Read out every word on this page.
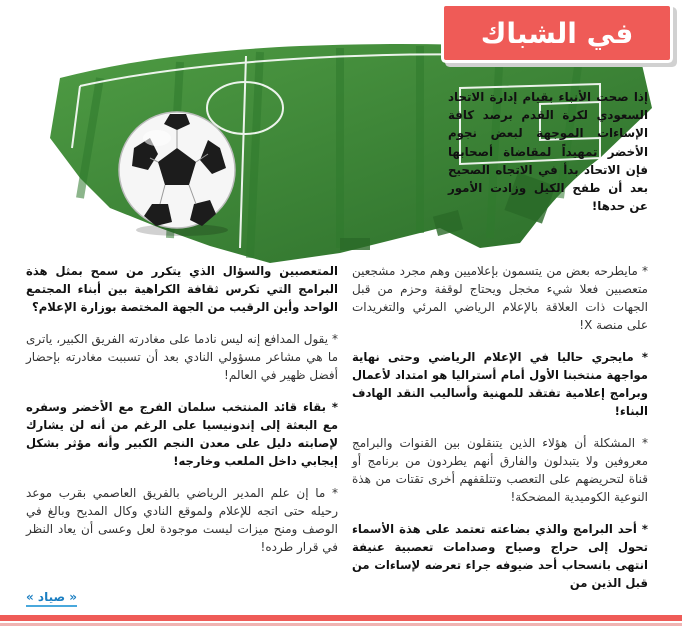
في الشباك

إذا صحت الأنباء بقيام إدارة الاتحاد السعودي لكرة القدم برصد كافة الإساءات الموجهة لبعض نجوم الأخضر تمهيداً لمقاضاة أصحابها فإن الاتحاد بدأ في الاتجاه الصحيح بعد أن طفح الكيل وزادت الأمور عن حدها!

* مايطرحه بعض من يتسمون بإعلاميين وهم مجرد مشجعين متعصبين فعلا شيء مخجل ويحتاج لوقفة وحزم من قبل الجهات ذات العلاقة بالإعلام الرياضي المرئي والتغريدات على منصة X!

* مايجري حاليا في الإعلام الرياضي وحتى نهاية مواجهة منتخبنا الأول أمام أستراليا هو امتداد لأعمال وبرامج إعلامية تفتقد للمهنية وأساليب النقد الهادف البناء!

* المشكلة أن هؤلاء الذين يتنقلون بين القنوات والبرامج معروفين ولا يتبدلون والفارق أنهم يطردون من برنامج أو قناة لتحريضهم على التعصب وتتلقفهم أخرى تقتات من هذة النوعية الكوميدية المضحكة!

* أحد البرامج والذي بضاعته تعتمد على هذة الأسماء تحول إلى حراج وصياح وصدامات تعصبية عنيفة انتهى بانسحاب أحد ضيوفه جراء تعرضه لإساءات من قبل الذين من

المتعصبين والسؤال الذي يتكرر من سمح بمثل هذة البرامج التي تكرس ثقافة الكراهية بين أبناء المجتمع الواحد وأين الرقيب من الجهة المختصة بوزارة الإعلام؟

* يقول المدافع إنه ليس نادما على مغادرته الفريق الكبير، ياترى ما هي مشاعر مسؤولي النادي بعد أن تسببت مغادرته بإحضار أفضل ظهير في العالم!

* بقاء قائد المنتخب سلمان الفرج مع الأخضر وسفره مع البعثة إلى إندونيسيا على الرغم من أنه لن يشارك لإصابته دليل على معدن النجم الكبير وأنه مؤثر بشكل إيجابي داخل الملعب وخارجه!

* ما إن علم المدير الرياضي بالفريق العاصمي بقرب موعد رحيله حتى اتجه للإعلام ولموقع النادي وكال المديح وبالغ في الوصف ومنح ميزات ليست موجودة لعل وعسى أن يعاد النظر في قرار طرده!

« صياد »
